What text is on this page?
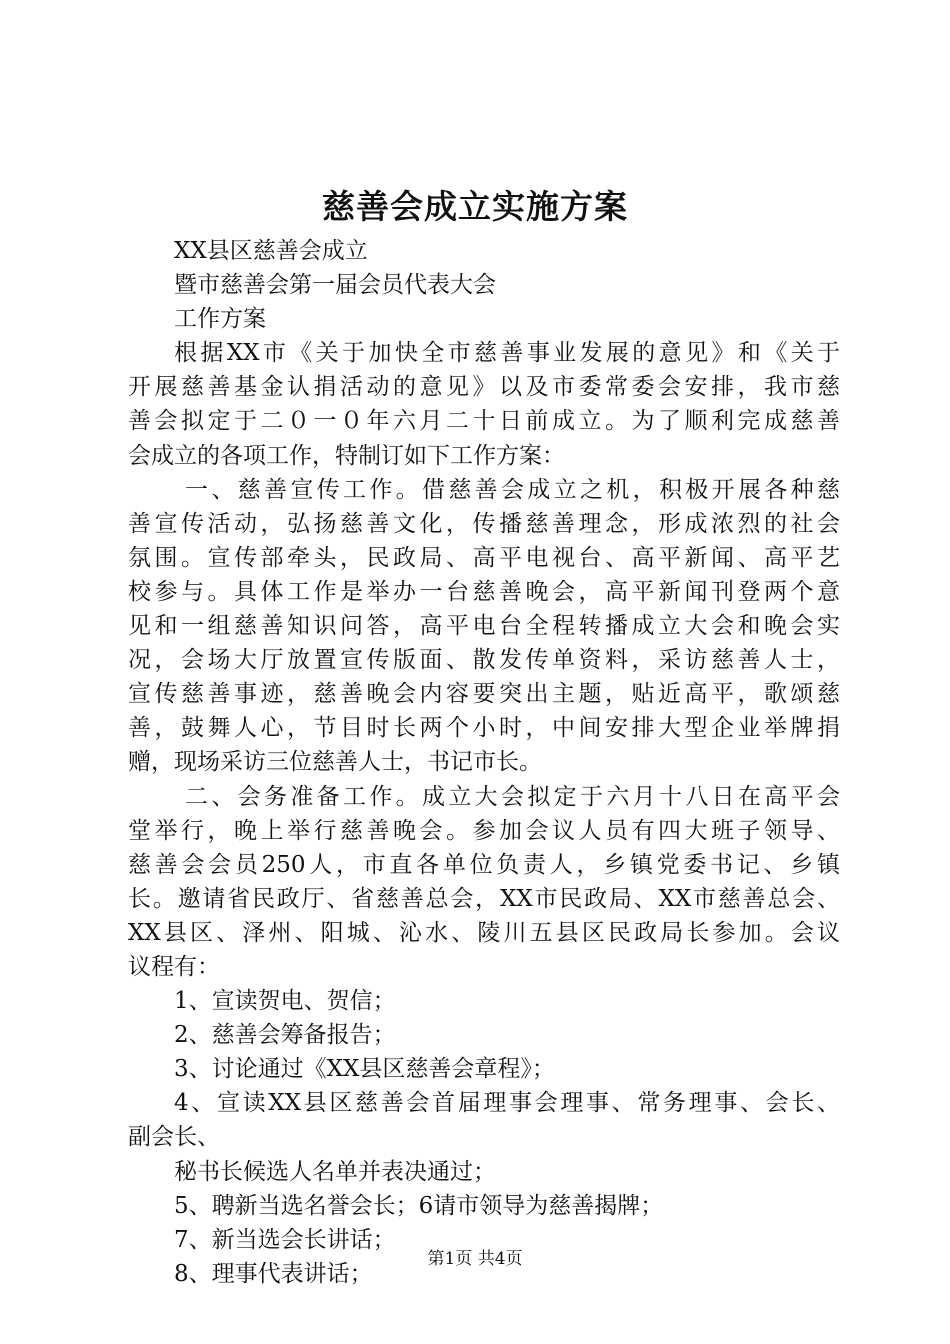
慈善会成立实施方案
XX县区慈善会成立
暨市慈善会第一届会员代表大会
工作方案
根据XX市《关于加快全市慈善事业发展的意见》和《关于
开展慈善基金认捐活动的意见》以及市委常委会安排，我市慈
善会拟定于二０一０年六月二十日前成立。为了顺利完成慈善
会成立的各项工作，特制订如下工作方案：
一、慈善宣传工作。借慈善会成立之机，积极开展各种慈
善宣传活动，弘扬慈善文化，传播慈善理念，形成浓烈的社会
氛围。宣传部牵头，民政局、高平电视台、高平新闻、高平艺
校参与。具体工作是举办一台慈善晚会，高平新闻刊登两个意
见和一组慈善知识问答，高平电台全程转播成立大会和晚会实
况，会场大厅放置宣传版面、散发传单资料，采访慈善人士，
宣传慈善事迹，慈善晚会内容要突出主题，贴近高平，歌颂慈
善，鼓舞人心，节目时长两个小时，中间安排大型企业举牌捐
赠，现场采访三位慈善人士，书记市长。
二、会务准备工作。成立大会拟定于六月十八日在高平会
堂举行，晚上举行慈善晚会。参加会议人员有四大班子领导、
慈善会会员250人，市直各单位负责人，乡镇党委书记、乡镇
长。邀请省民政厅、省慈善总会，XX市民政局、XX市慈善总会、
XX县区、泽州、阳城、沁水、陵川五县区民政局长参加。会议
议程有：
1、宣读贺电、贺信；
2、慈善会筹备报告；
3、讨论通过《XX县区慈善会章程》；
4、宣读XX县区慈善会首届理事会理事、常务理事、会长、
副会长、
秘书长候选人名单并表决通过；
5、聘新当选名誉会长；6请市领导为慈善揭牌；
7、新当选会长讲话；
8、理事代表讲话；
第1页 共4页
